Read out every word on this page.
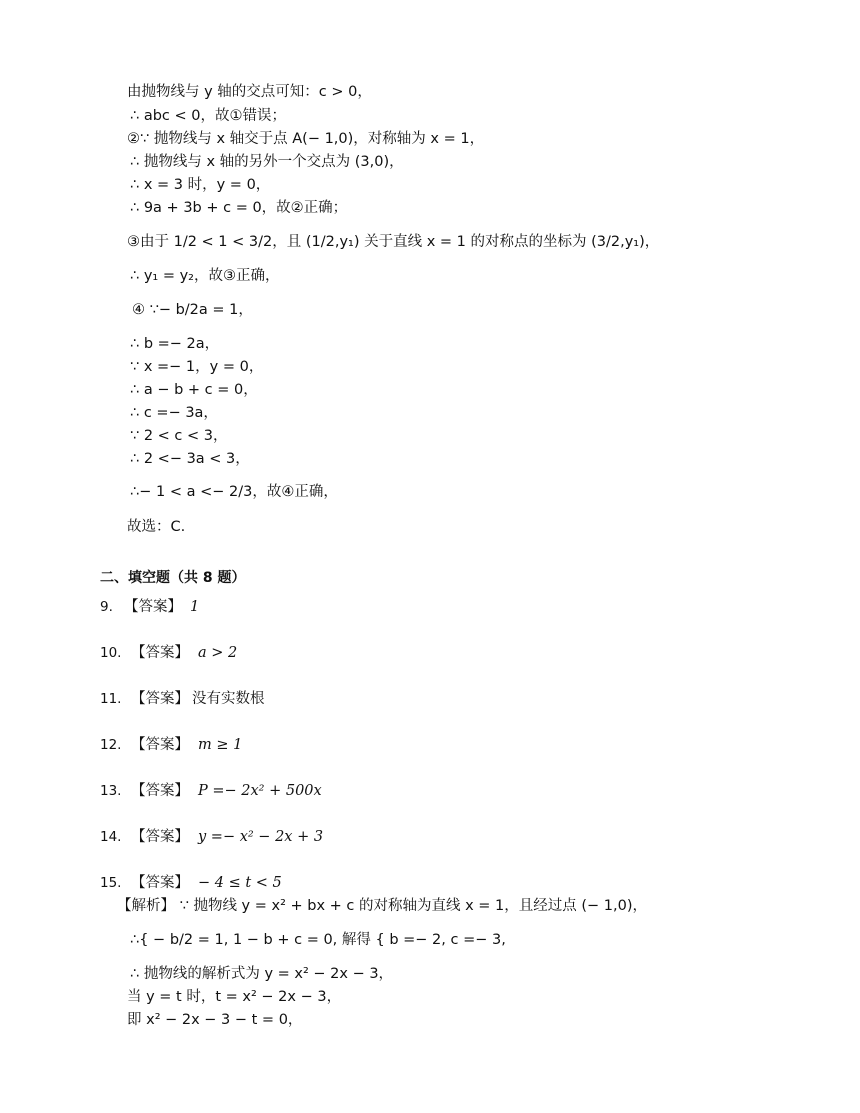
由抛物线与 y 轴的交点可知：c > 0，
∴ abc < 0，故①错误；
②∵ 抛物线与 x 轴交于点 A(− 1,0)，对称轴为 x = 1，
∴ 抛物线与 x 轴的另外一个交点为 (3,0)，
∴ x = 3 时，y = 0，
∴ 9a + 3b + c = 0，故②正确；
③由于 1/2 < 1 < 3/2，且 (1/2,y₁) 关于直线 x = 1 的对称点的坐标为 (3/2,y₁)，
∴ y₁ = y₂，故③正确，
④ ∵− b/2a = 1，
∴ b =− 2a，
∵ x =− 1，y = 0，
∴ a − b + c = 0，
∴ c =− 3a，
∵ 2 < c < 3，
∴ 2 <− 3a < 3，
∴− 1 < a <− 2/3，故④正确，
故选：C.
二、填空题（共 8 题）
9. 【答案】 1
10. 【答案】 a > 2
11. 【答案】 没有实数根
12. 【答案】 m ≥ 1
13. 【答案】 P =− 2x² + 500x
14. 【答案】 y =− x² − 2x + 3
15. 【答案】 − 4 ≤ t < 5
【解析】 ∵ 抛物线 y = x² + bx + c 的对称轴为直线 x = 1，且经过点 (− 1,0)，
∴{ − b/2 = 1, 1 − b + c = 0, 解得 { b =− 2, c =− 3,
∴ 抛物线的解析式为 y = x² − 2x − 3，
当 y = t 时，t = x² − 2x − 3，
即 x² − 2x − 3 − t = 0，
